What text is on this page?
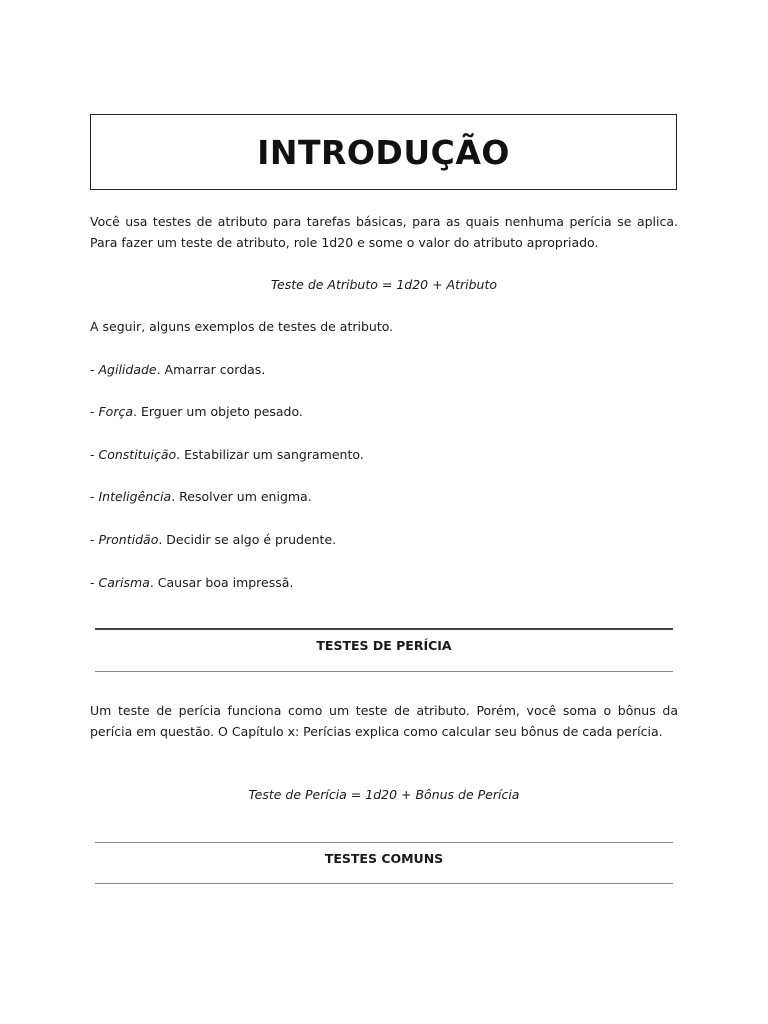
INTRODUÇÃO

Você usa testes de atributo para tarefas básicas, para as quais nenhuma perícia se aplica. Para fazer um teste de atributo, role 1d20 e some o valor do atributo apropriado.

Teste de Atributo = 1d20 + Atributo

A seguir, alguns exemplos de testes de atributo.

- Agilidade. Amarrar cordas.

- Força. Erguer um objeto pesado.

- Constituição. Estabilizar um sangramento.

- Inteligência. Resolver um enigma.

- Prontidão. Decidir se algo é prudente.

- Carisma. Causar boa impressã.

TESTES DE PERÍCIA

Um teste de perícia funciona como um teste de atributo. Porém, você soma o bônus da perícia em questão. O Capítulo x: Perícias explica como calcular seu bônus de cada perícia.

Teste de Perícia = 1d20 + Bônus de Perícia

TESTES COMUNS
